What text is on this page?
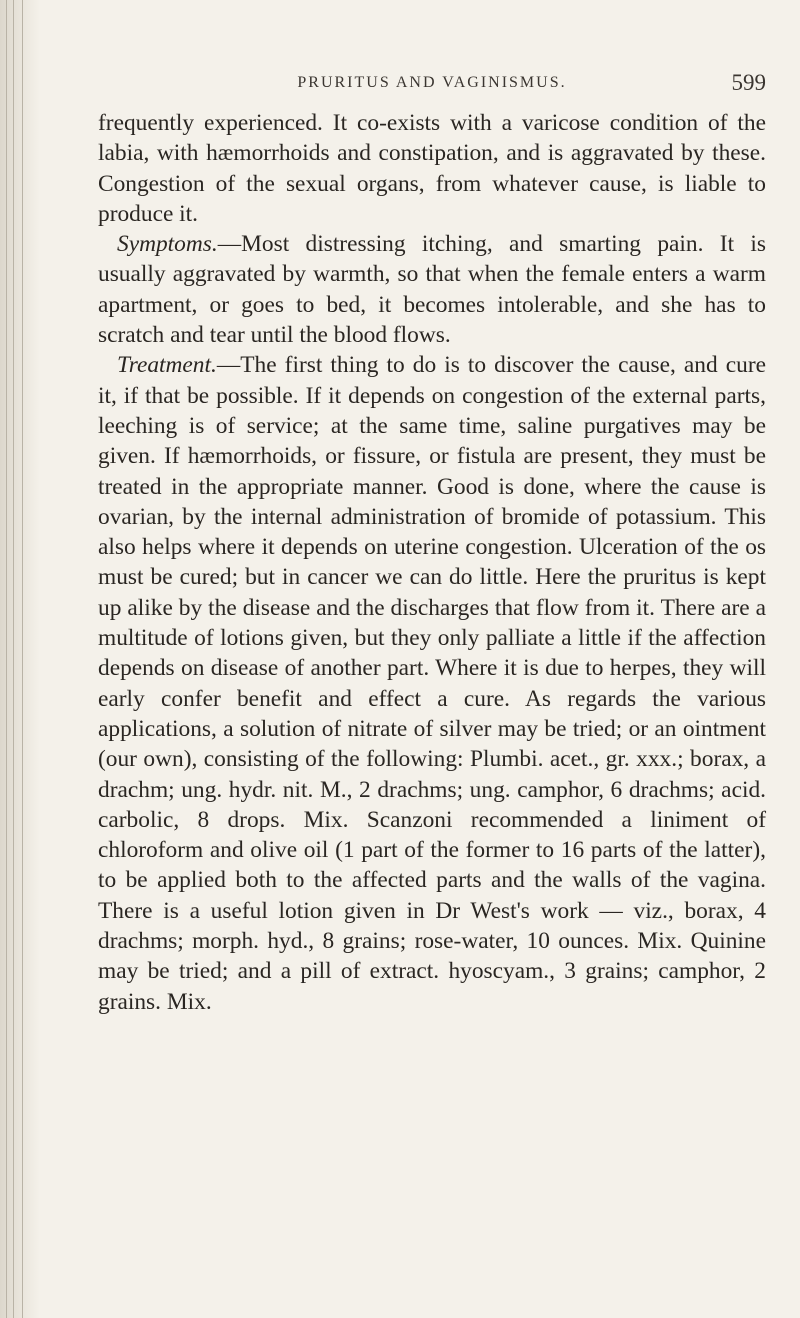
PRURITUS AND VAGINISMUS.	599

frequently experienced. It co-exists with a varicose condition of the labia, with hæmorrhoids and constipation, and is aggravated by these. Congestion of the sexual organs, from whatever cause, is liable to produce it.

Symptoms.—Most distressing itching, and smarting pain. It is usually aggravated by warmth, so that when the female enters a warm apartment, or goes to bed, it becomes intolerable, and she has to scratch and tear until the blood flows.

Treatment.—The first thing to do is to discover the cause, and cure it, if that be possible. If it depends on congestion of the external parts, leeching is of service; at the same time, saline purgatives may be given. If hæmorrhoids, or fissure, or fistula are present, they must be treated in the appropriate manner. Good is done, where the cause is ovarian, by the internal administration of bromide of potassium. This also helps where it depends on uterine congestion. Ulceration of the os must be cured; but in cancer we can do little. Here the pruritus is kept up alike by the disease and the discharges that flow from it. There are a multitude of lotions given, but they only palliate a little if the affection depends on disease of another part. Where it is due to herpes, they will early confer benefit and effect a cure. As regards the various applications, a solution of nitrate of silver may be tried; or an ointment (our own), consisting of the following: Plumbi. acet., gr. xxx.; borax, a drachm; ung. hydr. nit. M., 2 drachms; ung. camphor, 6 drachms; acid. carbolic, 8 drops. Mix. Scanzoni recommended a liniment of chloroform and olive oil (1 part of the former to 16 parts of the latter), to be applied both to the affected parts and the walls of the vagina. There is a useful lotion given in Dr West's work — viz., borax, 4 drachms; morph. hyd., 8 grains; rose-water, 10 ounces. Mix. Quinine may be tried; and a pill of extract. hyoscyam., 3 grains; camphor, 2 grains. Mix.
